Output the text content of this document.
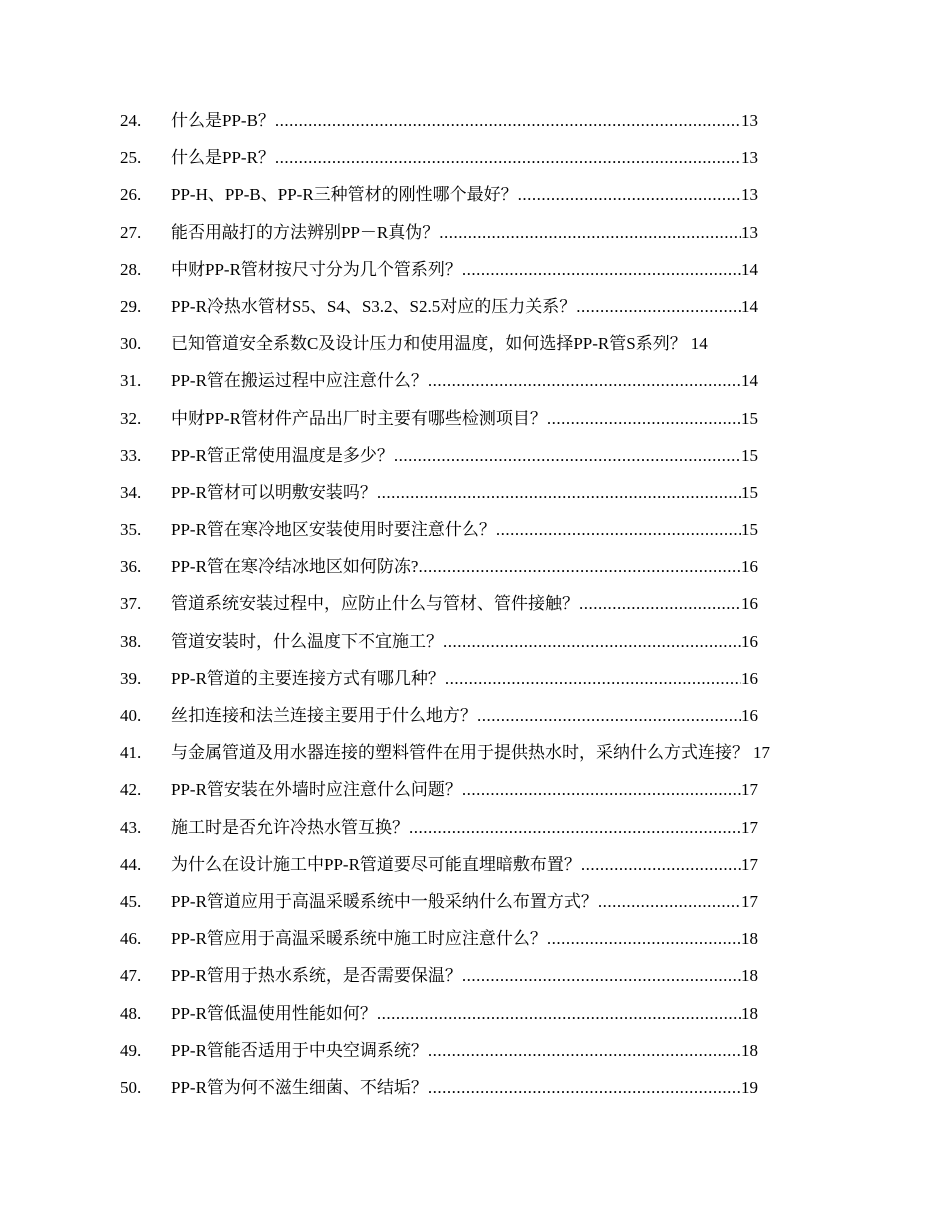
24. 什么是PP-B？ .....	13
25. 什么是PP-R？ .....	13
26. PP-H、PP-B、PP-R三种管材的刚性哪个最好？ .....	13
27. 能否用敲打的方法辨别PP－R真伪？ .....	13
28. 中财PP-R管材按尺寸分为几个管系列？ .....	14
29. PP-R冷热水管材S5、S4、S3.2、S2.5对应的压力关系？ .....	14
30. 已知管道安全系数C及设计压力和使用温度，如何选择PP-R管S系列？ 14
31. PP-R管在搬运过程中应注意什么？ .....	14
32. 中财PP-R管材件产品出厂时主要有哪些检测项目？ .....	15
33. PP-R管正常使用温度是多少？ .....	15
34. PP-R管材可以明敷安装吗？ .....	15
35. PP-R管在寒冷地区安装使用时要注意什么？ .....	15
36. PP-R管在寒冷结冰地区如何防冻? .....	16
37. 管道系统安装过程中，应防止什么与管材、管件接触？ .....	16
38. 管道安装时，什么温度下不宜施工？ .....	16
39. PP-R管道的主要连接方式有哪几种？ .....	16
40. 丝扣连接和法兰连接主要用于什么地方？ .....	16
41. 与金属管道及用水器连接的塑料管件在用于提供热水时，采纳什么方式连接？ 17
42. PP-R管安装在外墙时应注意什么问题？ .....	17
43. 施工时是否允许冷热水管互换？ .....	17
44. 为什么在设计施工中PP-R管道要尽可能直埋暗敷布置？ .....	17
45. PP-R管道应用于高温采暖系统中一般采纳什么布置方式？ .....	17
46. PP-R管应用于高温采暖系统中施工时应注意什么？ .....	18
47. PP-R管用于热水系统，是否需要保温？ .....	18
48. PP-R管低温使用性能如何？ .....	18
49. PP-R管能否适用于中央空调系统？ .....	18
50. PP-R管为何不滋生细菌、不结垢？ .....	19
